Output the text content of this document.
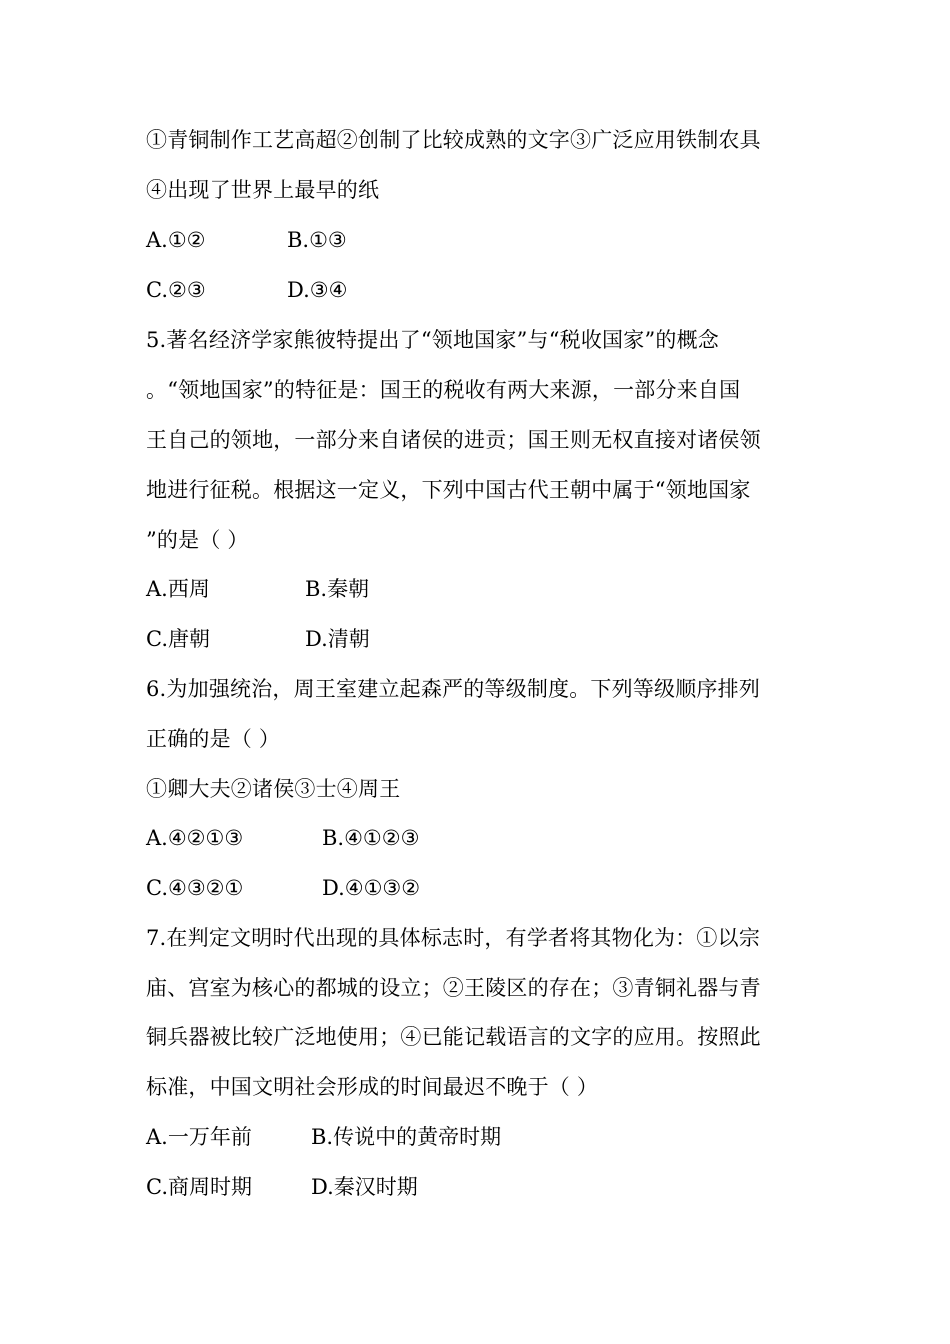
①青铜制作工艺高超②创制了比较成熟的文字③广泛应用铁制农具
④出现了世界上最早的纸
A.①②	B.①③
C.②③	D.③④
5.著名经济学家熊彼特提出了“领地国家”与“税收国家”的概念
。“领地国家”的特征是：国王的税收有两大来源，一部分来自国
王自己的领地，一部分来自诸侯的进贡；国王则无权直接对诸侯领
地进行征税。根据这一定义，下列中国古代王朝中属于“领地国家
”的是（ ）
A.西周	B.秦朝
C.唐朝	D.清朝
6.为加强统治，周王室建立起森严的等级制度。下列等级顺序排列
正确的是（ ）
①卿大夫②诸侯③士④周王
A.④②①③	B.④①②③
C.④③②①	D.④①③②
7.在判定文明时代出现的具体标志时，有学者将其物化为：①以宗
庙、宫室为核心的都城的设立；②王陵区的存在；③青铜礼器与青
铜兵器被比较广泛地使用；④已能记载语言的文字的应用。按照此
标准，中国文明社会形成的时间最迟不晚于（ ）
A.一万年前	B.传说中的黄帝时期
C.商周时期	D.秦汉时期
